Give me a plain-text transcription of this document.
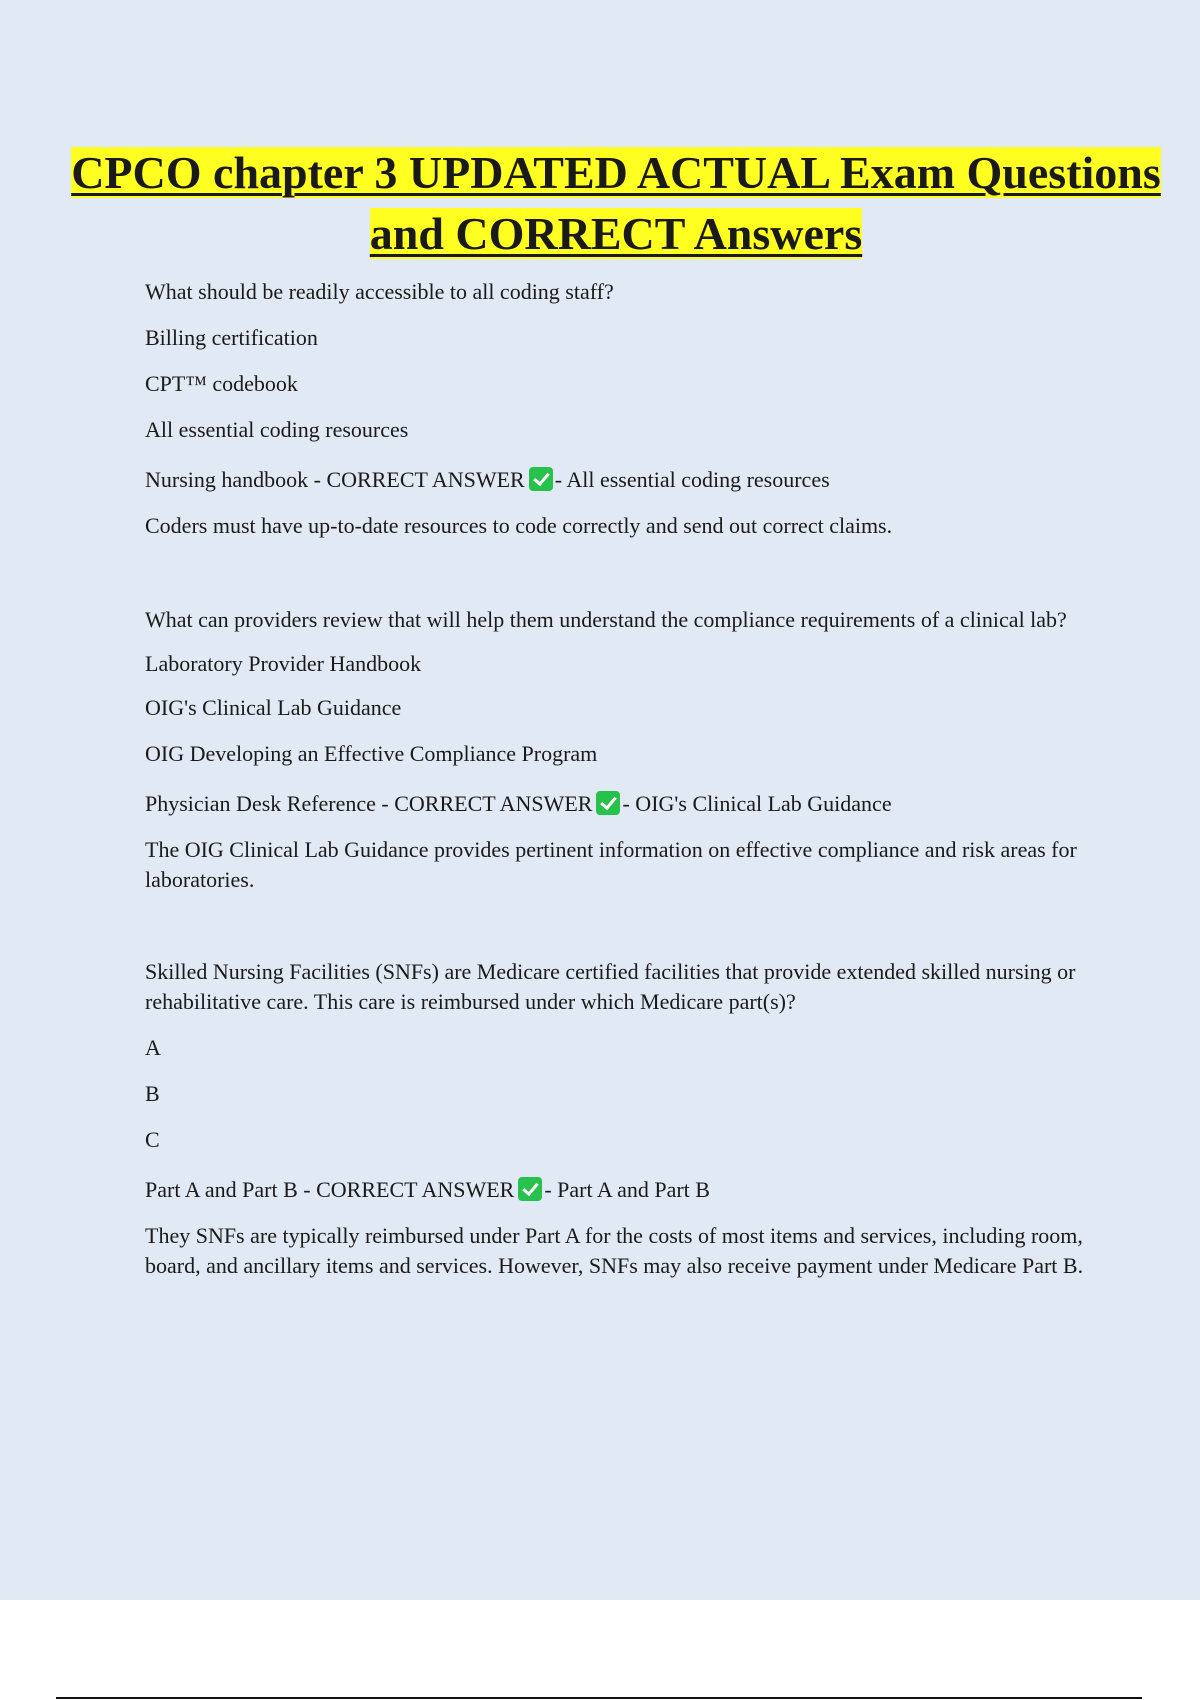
CPCO chapter 3 UPDATED ACTUAL Exam Questions and CORRECT Answers

What should be readily accessible to all coding staff?

Billing certification

CPT™ codebook

All essential coding resources

Nursing handbook - CORRECT ANSWER - All essential coding resources

Coders must have up-to-date resources to code correctly and send out correct claims.

What can providers review that will help them understand the compliance requirements of a clinical lab?

Laboratory Provider Handbook

OIG's Clinical Lab Guidance

OIG Developing an Effective Compliance Program

Physician Desk Reference - CORRECT ANSWER - OIG's Clinical Lab Guidance

The OIG Clinical Lab Guidance provides pertinent information on effective compliance and risk areas for laboratories.

Skilled Nursing Facilities (SNFs) are Medicare certified facilities that provide extended skilled nursing or rehabilitative care. This care is reimbursed under which Medicare part(s)?

A

B

C

Part A and Part B - CORRECT ANSWER - Part A and Part B

They SNFs are typically reimbursed under Part A for the costs of most items and services, including room, board, and ancillary items and services. However, SNFs may also receive payment under Medicare Part B.
